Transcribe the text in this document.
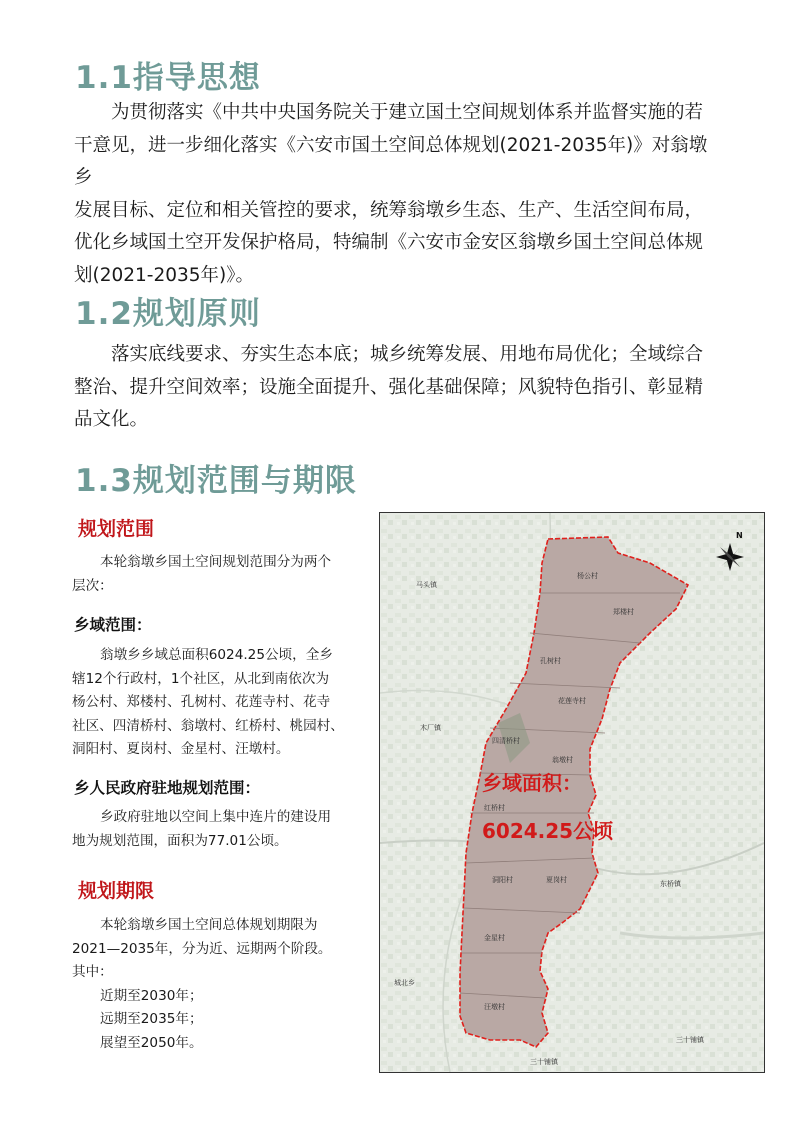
1.1指导思想

为贯彻落实《中共中央国务院关于建立国土空间规划体系并监督实施的若

干意见，进一步细化落实《六安市国土空间总体规划(2021-2035年)》对翁墩乡

发展目标、定位和相关管控的要求，统筹翁墩乡生态、生产、生活空间布局，

优化乡域国土空开发保护格局，特编制《六安市金安区翁墩乡国土空间总体规

划(2021-2035年)》。

1.2规划原则

落实底线要求、夯实生态本底；城乡统筹发展、用地布局优化；全域综合

整治、提升空间效率；设施全面提升、强化基础保障；风貌特色指引、彰显精

品文化。

1.3规划范围与期限
规划范围

本轮翁墩乡国土空间规划范围分为两个

层次：

乡域范围：

翁墩乡乡域总面积6024.25公顷，全乡

辖12个行政村，1个社区，从北到南依次为

杨公村、郑楼村、孔树村、花莲寺村、花寺

社区、四清桥村、翁墩村、红桥村、桃园村、

洞阳村、夏岗村、金星村、汪墩村。

乡人民政府驻地规划范围：

乡政府驻地以空间上集中连片的建设用

地为规划范围，面积为77.01公顷。

规划期限

本轮翁墩乡国土空间总体规划期限为

2021—2035年，分为近、远期两个阶段。

其中：

近期至2030年；

远期至2035年；

展望至2050年。

马头镇
木厂镇
东桥镇
城北乡
三十铺镇
三十铺镇
杨公村
郑楼村
孔树村
花莲寺村
四清桥村
翁墩村
红桥村
洞阳村	夏岗村
金星村
汪墩村
乡域面积：
6024.25公顷
N
